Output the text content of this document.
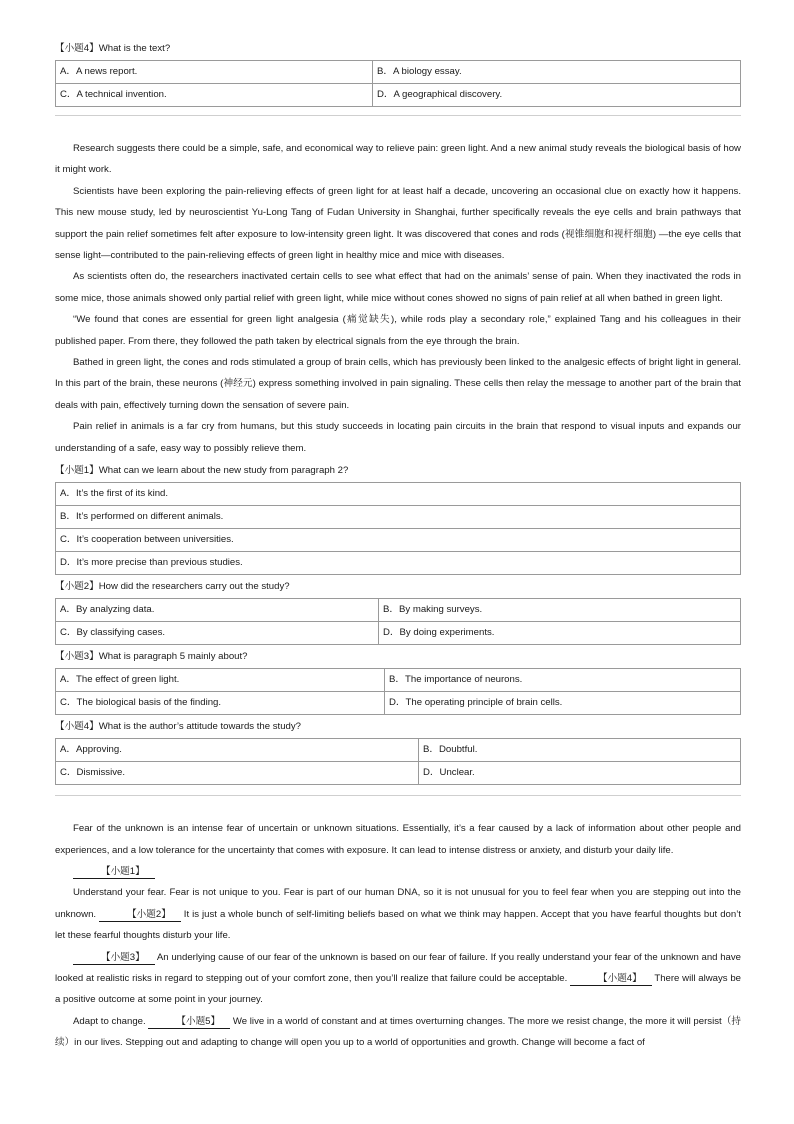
【小题4】What is the text?
A．A news report.	B．A biology essay.
C．A technical invention.	D．A geographical discovery.

Research suggests there could be a simple, safe, and economical way to relieve pain: green light. And a new animal study reveals the biological basis of how it might work.

Scientists have been exploring the pain-relieving effects of green light for at least half a decade, uncovering an occasional clue on exactly how it happens. This new mouse study, led by neuroscientist Yu-Long Tang of Fudan University in Shanghai, further specifically reveals the eye cells and brain pathways that support the pain relief sometimes felt after exposure to low-intensity green light. It was discovered that cones and rods (视锥细胞和视杆细胞) —the eye cells that sense light—contributed to the pain-relieving effects of green light in healthy mice and mice with diseases.

As scientists often do, the researchers inactivated certain cells to see what effect that had on the animals’ sense of pain. When they inactivated the rods in some mice, those animals showed only partial relief with green light, while mice without cones showed no signs of pain relief at all when bathed in green light.

“We found that cones are essential for green light analgesia (痛觉缺失), while rods play a secondary role,” explained Tang and his colleagues in their published paper. From there, they followed the path taken by electrical signals from the eye through the brain.

Bathed in green light, the cones and rods stimulated a group of brain cells, which has previously been linked to the analgesic effects of bright light in general. In this part of the brain, these neurons (神经元) express something involved in pain signaling. These cells then relay the message to another part of the brain that deals with pain, effectively turning down the sensation of severe pain.

Pain relief in animals is a far cry from humans, but this study succeeds in locating pain circuits in the brain that respond to visual inputs and expands our understanding of a safe, easy way to possibly relieve them.

【小题1】What can we learn about the new study from paragraph 2?
A．It’s the first of its kind.
B．It’s performed on different animals.
C．It’s cooperation between universities.
D．It’s more precise than previous studies.
【小题2】How did the researchers carry out the study?
A．By analyzing data.	B．By making surveys.
C．By classifying cases.	D．By doing experiments.
【小题3】What is paragraph 5 mainly about?
A．The effect of green light.	B．The importance of neurons.
C．The biological basis of the finding.	D．The operating principle of brain cells.
【小题4】What is the author’s attitude towards the study?
A．Approving.	B．Doubtful.
C．Dismissive.	D．Unclear.

Fear of the unknown is an intense fear of uncertain or unknown situations. Essentially, it’s a fear caused by a lack of information about other people and experiences, and a low tolerance for the uncertainty that comes with exposure. It can lead to intense distress or anxiety, and disturb your daily life.

【小题1】

Understand your fear. Fear is not unique to you. Fear is part of our human DNA, so it is not unusual for you to feel fear when you are stepping out into the unknown.	【小题2】 It is just a whole bunch of self-limiting beliefs based on what we think may happen. Accept that you have fearful thoughts but don’t let these fearful thoughts disturb your life.

【小题3】 An underlying cause of our fear of the unknown is based on our fear of failure. If you really understand your fear of the unknown and have looked at realistic risks in regard to stepping out of your comfort zone, then you’ll realize that failure could be acceptable.	【小题4】 There will always be a positive outcome at some point in your journey.

Adapt to change.	【小题5】 We live in a world of constant and at times overturning changes. The more we resist change, the more it will persist（持续）in our lives. Stepping out and adapting to change will open you up to a world of opportunities and growth. Change will become a fact of
